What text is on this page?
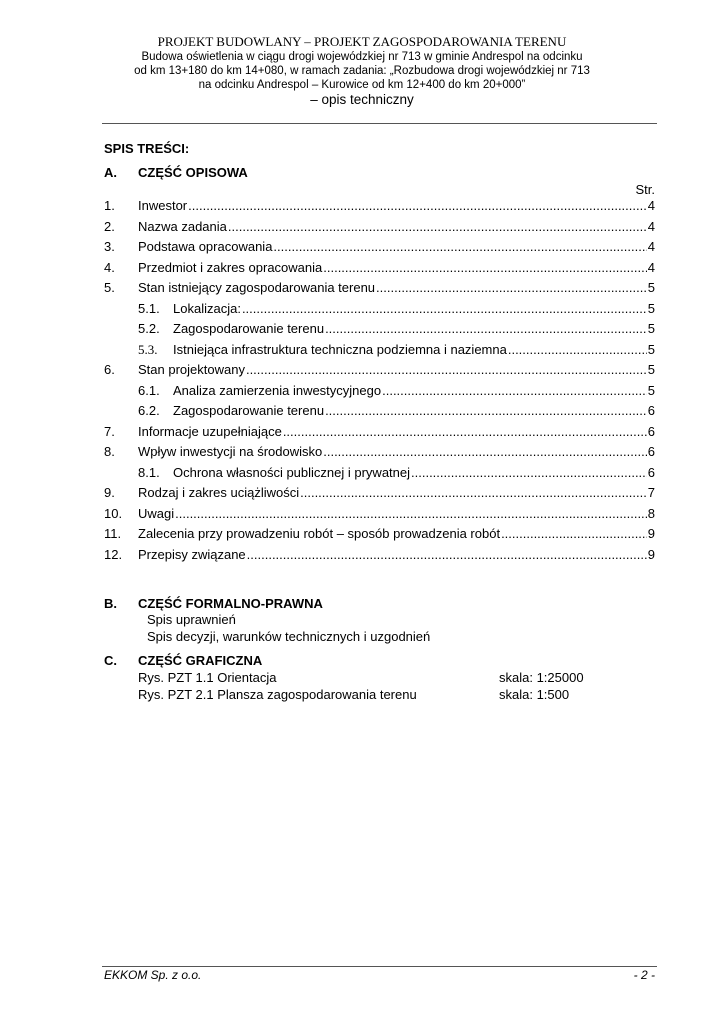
PROJEKT BUDOWLANY – PROJEKT ZAGOSPODAROWANIA TERENU
Budowa oświetlenia w ciągu drogi wojewódzkiej nr 713 w gminie Andrespol na odcinku
od km 13+180 do km 14+080, w ramach zadania: „Rozbudowa drogi wojewódzkiej nr 713
na odcinku Andrespol – Kurowice od km 12+400 do km 20+000”
– opis techniczny
SPIS TREŚCI:
A. CZĘŚĆ OPISOWA
Str.
1. Inwestor .....	4
2. Nazwa zadania .....	4
3. Podstawa opracowania .....	4
4. Przedmiot i zakres opracowania .....	4
5. Stan istniejący zagospodarowania terenu .....	5
5.1. Lokalizacja: .....	5
5.2. Zagospodarowanie terenu .....	5
5.3. Istniejąca infrastruktura techniczna podziemna i naziemna .....	5
6. Stan projektowany .....	5
6.1. Analiza zamierzenia inwestycyjnego .....	5
6.2. Zagospodarowanie terenu .....	6
7. Informacje uzupełniające .....	6
8. Wpływ inwestycji na środowisko .....	6
8.1. Ochrona własności publicznej i prywatnej .....	6
9. Rodzaj i zakres uciążliwości .....	7
10. Uwagi .....	8
11. Zalecenia przy prowadzeniu robót – sposób prowadzenia robót .....	9
12. Przepisy związane .....	9
B. CZĘŚĆ FORMALNO-PRAWNA
Spis uprawnień
Spis decyzji, warunków technicznych i uzgodnień
C. CZĘŚĆ GRAFICZNA
Rys. PZT 1.1 Orientacja	skala: 1:25000
Rys. PZT 2.1 Plansza zagospodarowania terenu	skala: 1:500
EKKOM Sp. z o.o.	- 2 -
